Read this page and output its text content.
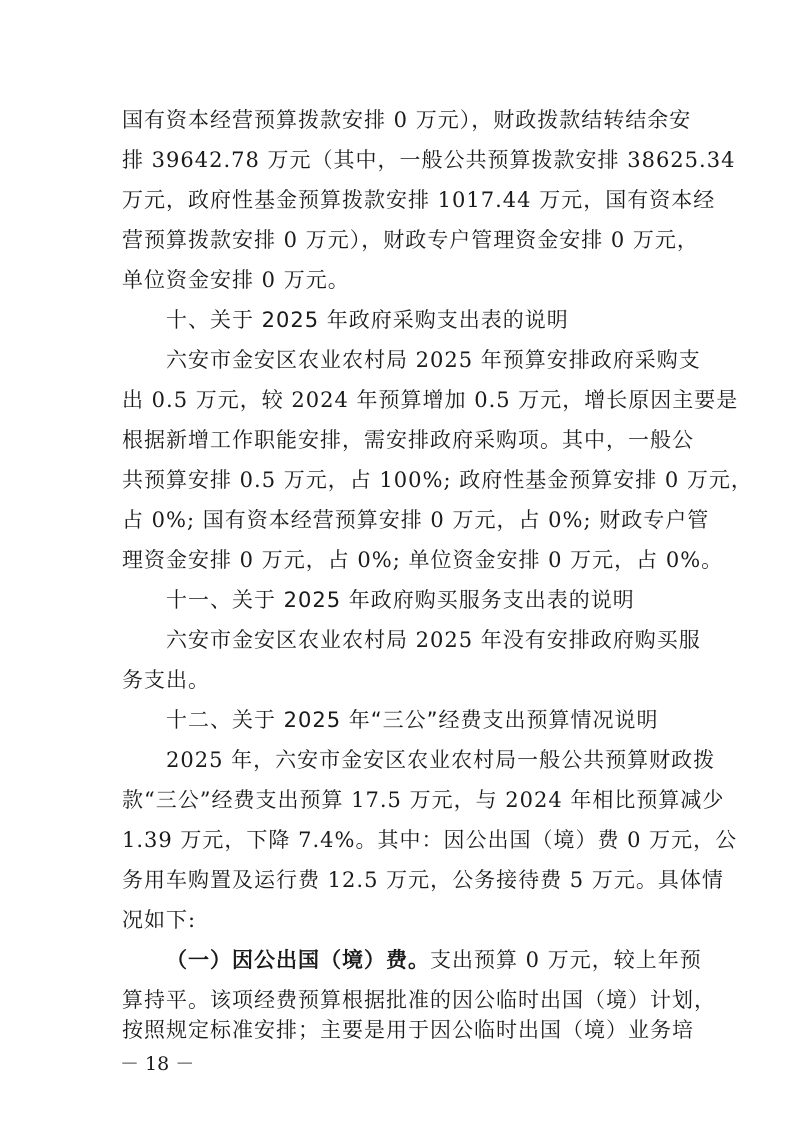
国有资本经营预算拨款安排 0 万元），财政拨款结转结余安
排 39642.78 万元（其中，一般公共预算拨款安排 38625.34
万元，政府性基金预算拨款安排 1017.44 万元，国有资本经
营预算拨款安排 0 万元），财政专户管理资金安排 0 万元，
单位资金安排 0 万元。
十、关于 2025 年政府采购支出表的说明
六安市金安区农业农村局 2025 年预算安排政府采购支
出 0.5 万元，较 2024 年预算增加 0.5 万元，增长原因主要是
根据新增工作职能安排，需安排政府采购项。其中，一般公
共预算安排 0.5 万元，占 100%; 政府性基金预算安排 0 万元，
占 0%; 国有资本经营预算安排 0 万元，占 0%; 财政专户管
理资金安排 0 万元，占 0%; 单位资金安排 0 万元，占 0%。
十一、关于 2025 年政府购买服务支出表的说明
六安市金安区农业农村局 2025 年没有安排政府购买服
务支出。
十二、关于 2025 年“三公”经费支出预算情况说明
2025 年，六安市金安区农业农村局一般公共预算财政拨
款“三公”经费支出预算 17.5 万元，与 2024 年相比预算减少
1.39 万元，下降 7.4%。其中：因公出国（境）费 0 万元，公
务用车购置及运行费 12.5 万元，公务接待费 5 万元。具体情
况如下:
（一）因公出国（境）费。支出预算 0 万元，较上年预
算持平。该项经费预算根据批准的因公临时出国（境）计划，
按照规定标准安排；主要是用于因公临时出国（境）业务培
－ 18 －
